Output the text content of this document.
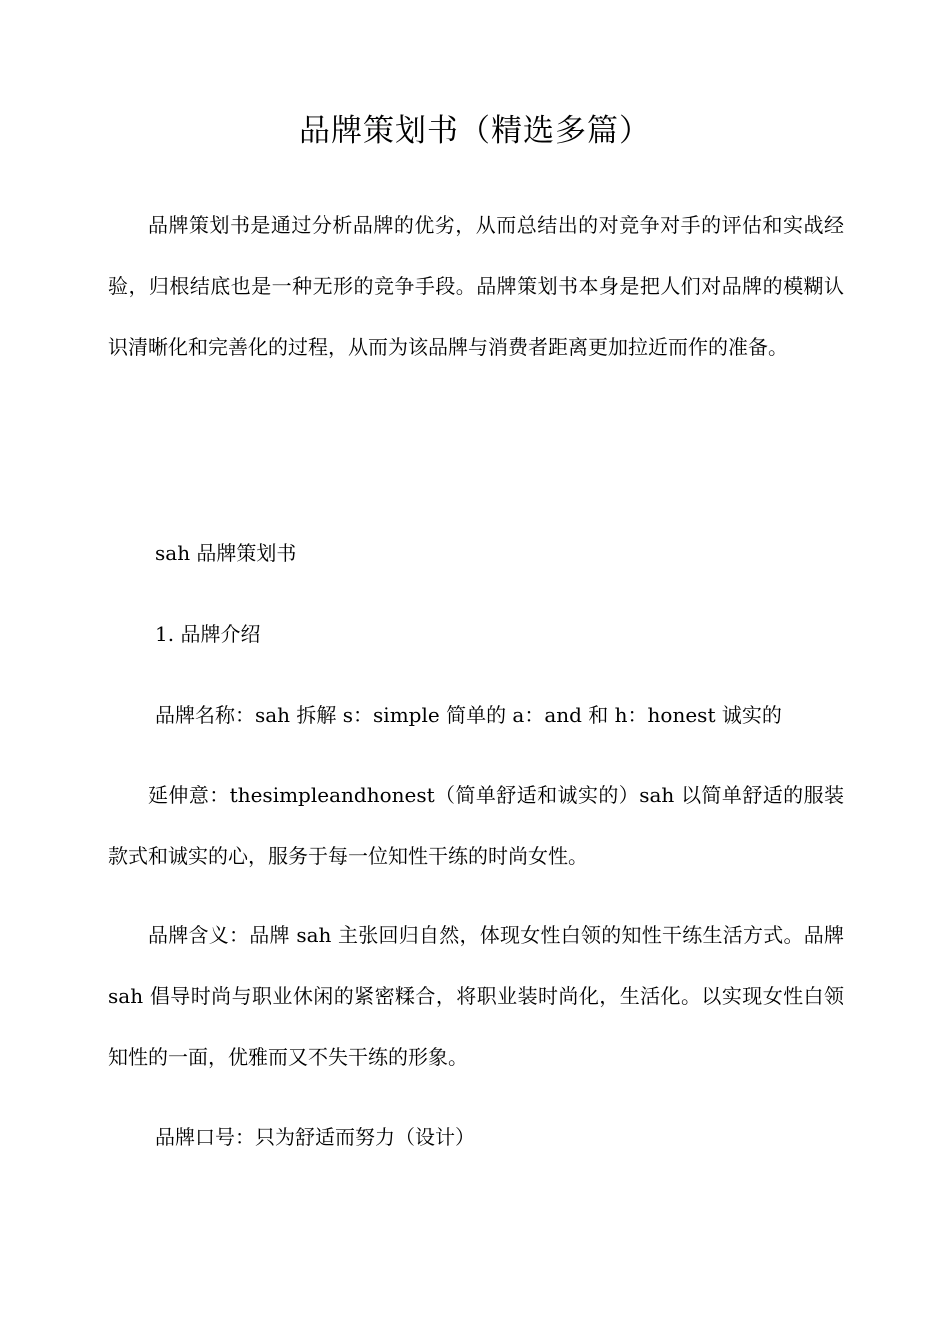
品牌策划书（精选多篇）

品牌策划书是通过分析品牌的优劣，从而总结出的对竞争对手的评估和实战经验，归根结底也是一种无形的竞争手段。品牌策划书本身是把人们对品牌的模糊认识清晰化和完善化的过程，从而为该品牌与消费者距离更加拉近而作的准备。

sah 品牌策划书

1. 品牌介绍

品牌名称：sah 拆解 s：simple 简单的 a：and 和 h：honest 诚实的

延伸意：thesimpleandhonest（简单舒适和诚实的）sah 以简单舒适的服装款式和诚实的心，服务于每一位知性干练的时尚女性。

品牌含义：品牌 sah 主张回归自然，体现女性白领的知性干练生活方式。品牌 sah 倡导时尚与职业休闲的紧密糅合，将职业装时尚化，生活化。以实现女性白领知性的一面，优雅而又不失干练的形象。

品牌口号：只为舒适而努力（设计）
